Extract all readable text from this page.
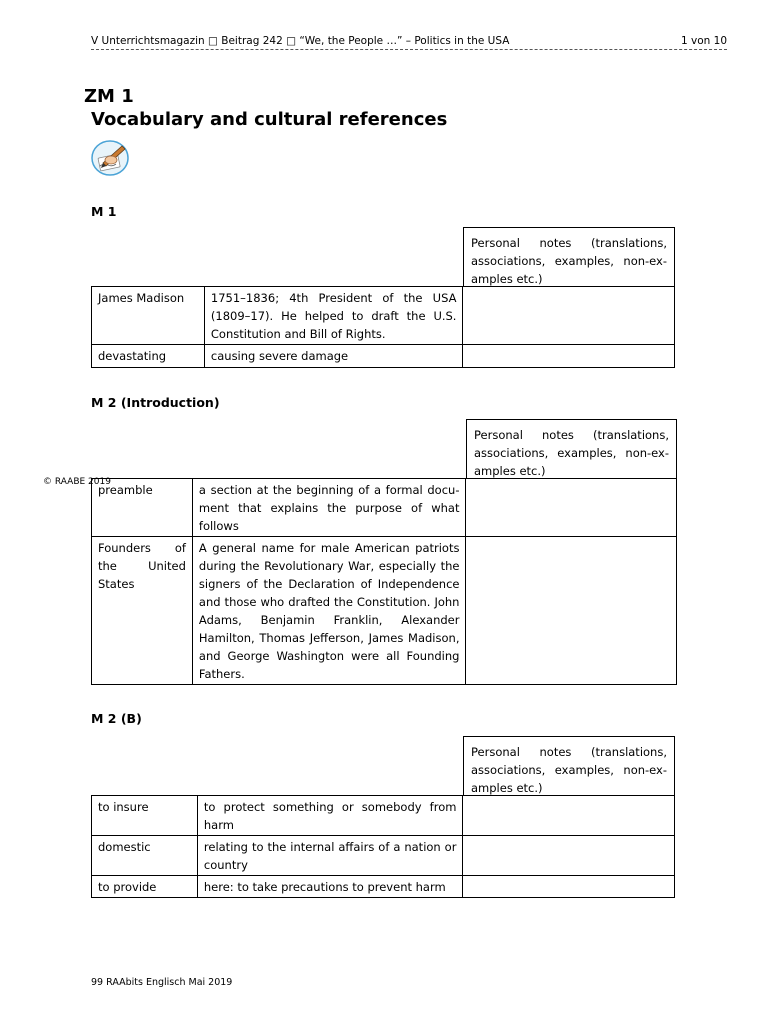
V Unterrichtsmagazin □ Beitrag 242 □ “We, the People …” – Politics in the USA	1 von 10
© RAABE 2019
ZM 1
Vocabulary and cultural references
M 1
Personal notes (translations, associations, examples, non-ex-amples etc.)
James Madison	1751–1836; 4th President of the USA (1809–17). He helped to draft the U.S. Constitution and Bill of Rights.	
devastating	causing severe damage	
M 2 (Introduction)
Personal notes (translations, associations, examples, non-ex-amples etc.)
preamble	a section at the beginning of a formal docu-ment that explains the purpose of what follows	
Founders of the United States	A general name for male American patriots during the Revolutionary War, especially the signers of the Declaration of Independence and those who drafted the Constitution. John Adams, Benjamin Franklin, Alexander Hamilton, Thomas Jefferson, James Madison, and George Washington were all Founding Fathers.	
M 2 (B)
Personal notes (translations, associations, examples, non-ex-amples etc.)
to insure	to protect something or somebody from harm	
domestic	relating to the internal affairs of a nation or country	
to provide	here: to take precautions to prevent harm	
99 RAAbits Englisch Mai 2019
